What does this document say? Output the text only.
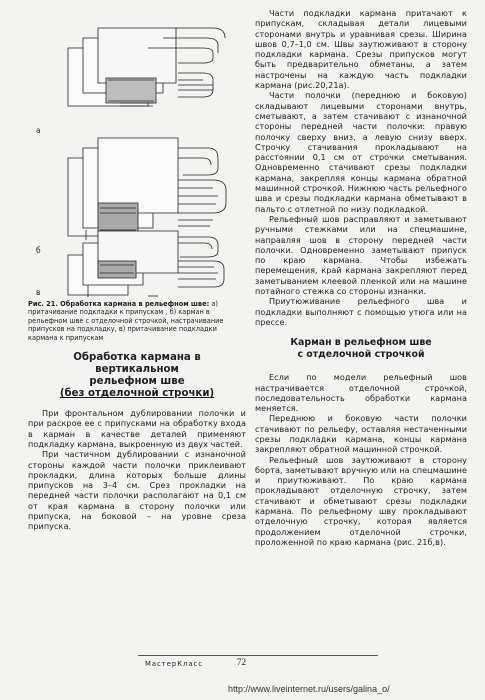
а
б
в
Рис. 21. Обработка кармана в рельефном шве: а) притачивание подкладки к припускам , б) карман в рельефном шве с отделочной строчкой, настрачивание припусков на подкладку, в) притачивание подкладки кармана к припускам
Обработка кармана в
вертикальном
рельефном шве
(без отделочной строчки)

При фронтальном дублировании полочки и при раскрое ее с припусками на обработку входа в карман в качестве деталей применяют подкладку кармана, выкроенную из двух частей.

При частичном дублировании с изнаночной стороны каждой части полочки приклеивают прокладки, длина которых больше длины припусков на 3–4 см. Срез прокладки на передней части полочки располагают на 0,1 см от края кармана в сторону полочки или припуска, на боковой – на уровне среза припуска.

Части подкладки кармана притачают к припускам, складывая детали лицевыми сторонами внутрь и уравнивая срезы. Ширина швов 0,7–1,0 см. Швы заутюживают в сторону подкладки кармана. Срезы припусков могут быть предварительно обметаны, а затем настрочены на каждую часть подкладки кармана (рис.20,21а).

Части полочки (переднюю и боковую) складывают лицевыми сторонами внутрь, сметывают, а затем стачивают с изнаночной стороны передней части полочки: правую полочку сверху вниз, а левую снизу вверх. Строчку стачивания прокладывают на расстоянии 0,1 см от строчки сметывания. Одновременно стачивают срезы подкладки кармана, закрепляя концы кармана обратной машинной строчкой. Нижнюю часть рельефного шва и срезы подкладки кармана обметывают в пальто с отлетной по низу подкладкой.

Рельефный шов расправляют и заметывают ручными стежками или на спецмашине, направляя шов в сторону передней части полочки. Одновременно заметывают припуск по краю кармана. Чтобы избежать перемещения, край кармана закрепляют перед заметыванием клеевой пленкой или на машине потайного стежка со стороны изнанки.

Приутюживание рельефного шва и подкладки выполняют с помощью утюга или на прессе.

Карман в рельефном шве
с отделочной строчкой

Если по модели рельефный шов настрачивается отделочной строчкой, последовательность обработки кармана меняется.

Переднюю и боковую части полочки стачивают по рельефу, оставляя нестаченными срезы подкладки кармана, концы кармана закрепляют обратной машинной строчкой.

Рельефный шов заутюживают в сторону борта, заметывают вручную или на спецмашине и приутюживают. По краю кармана прокладывают отделочную строчку, затем стачивают и обметывают срезы подкладки кармана. По рельефному шву прокладывают отделочную строчку, которая является продолжением отделочной строчки, проложенной по краю кармана (рис. 21б,в).

МастерКласс	72
http://www.liveinternet.ru/users/galina_o/
